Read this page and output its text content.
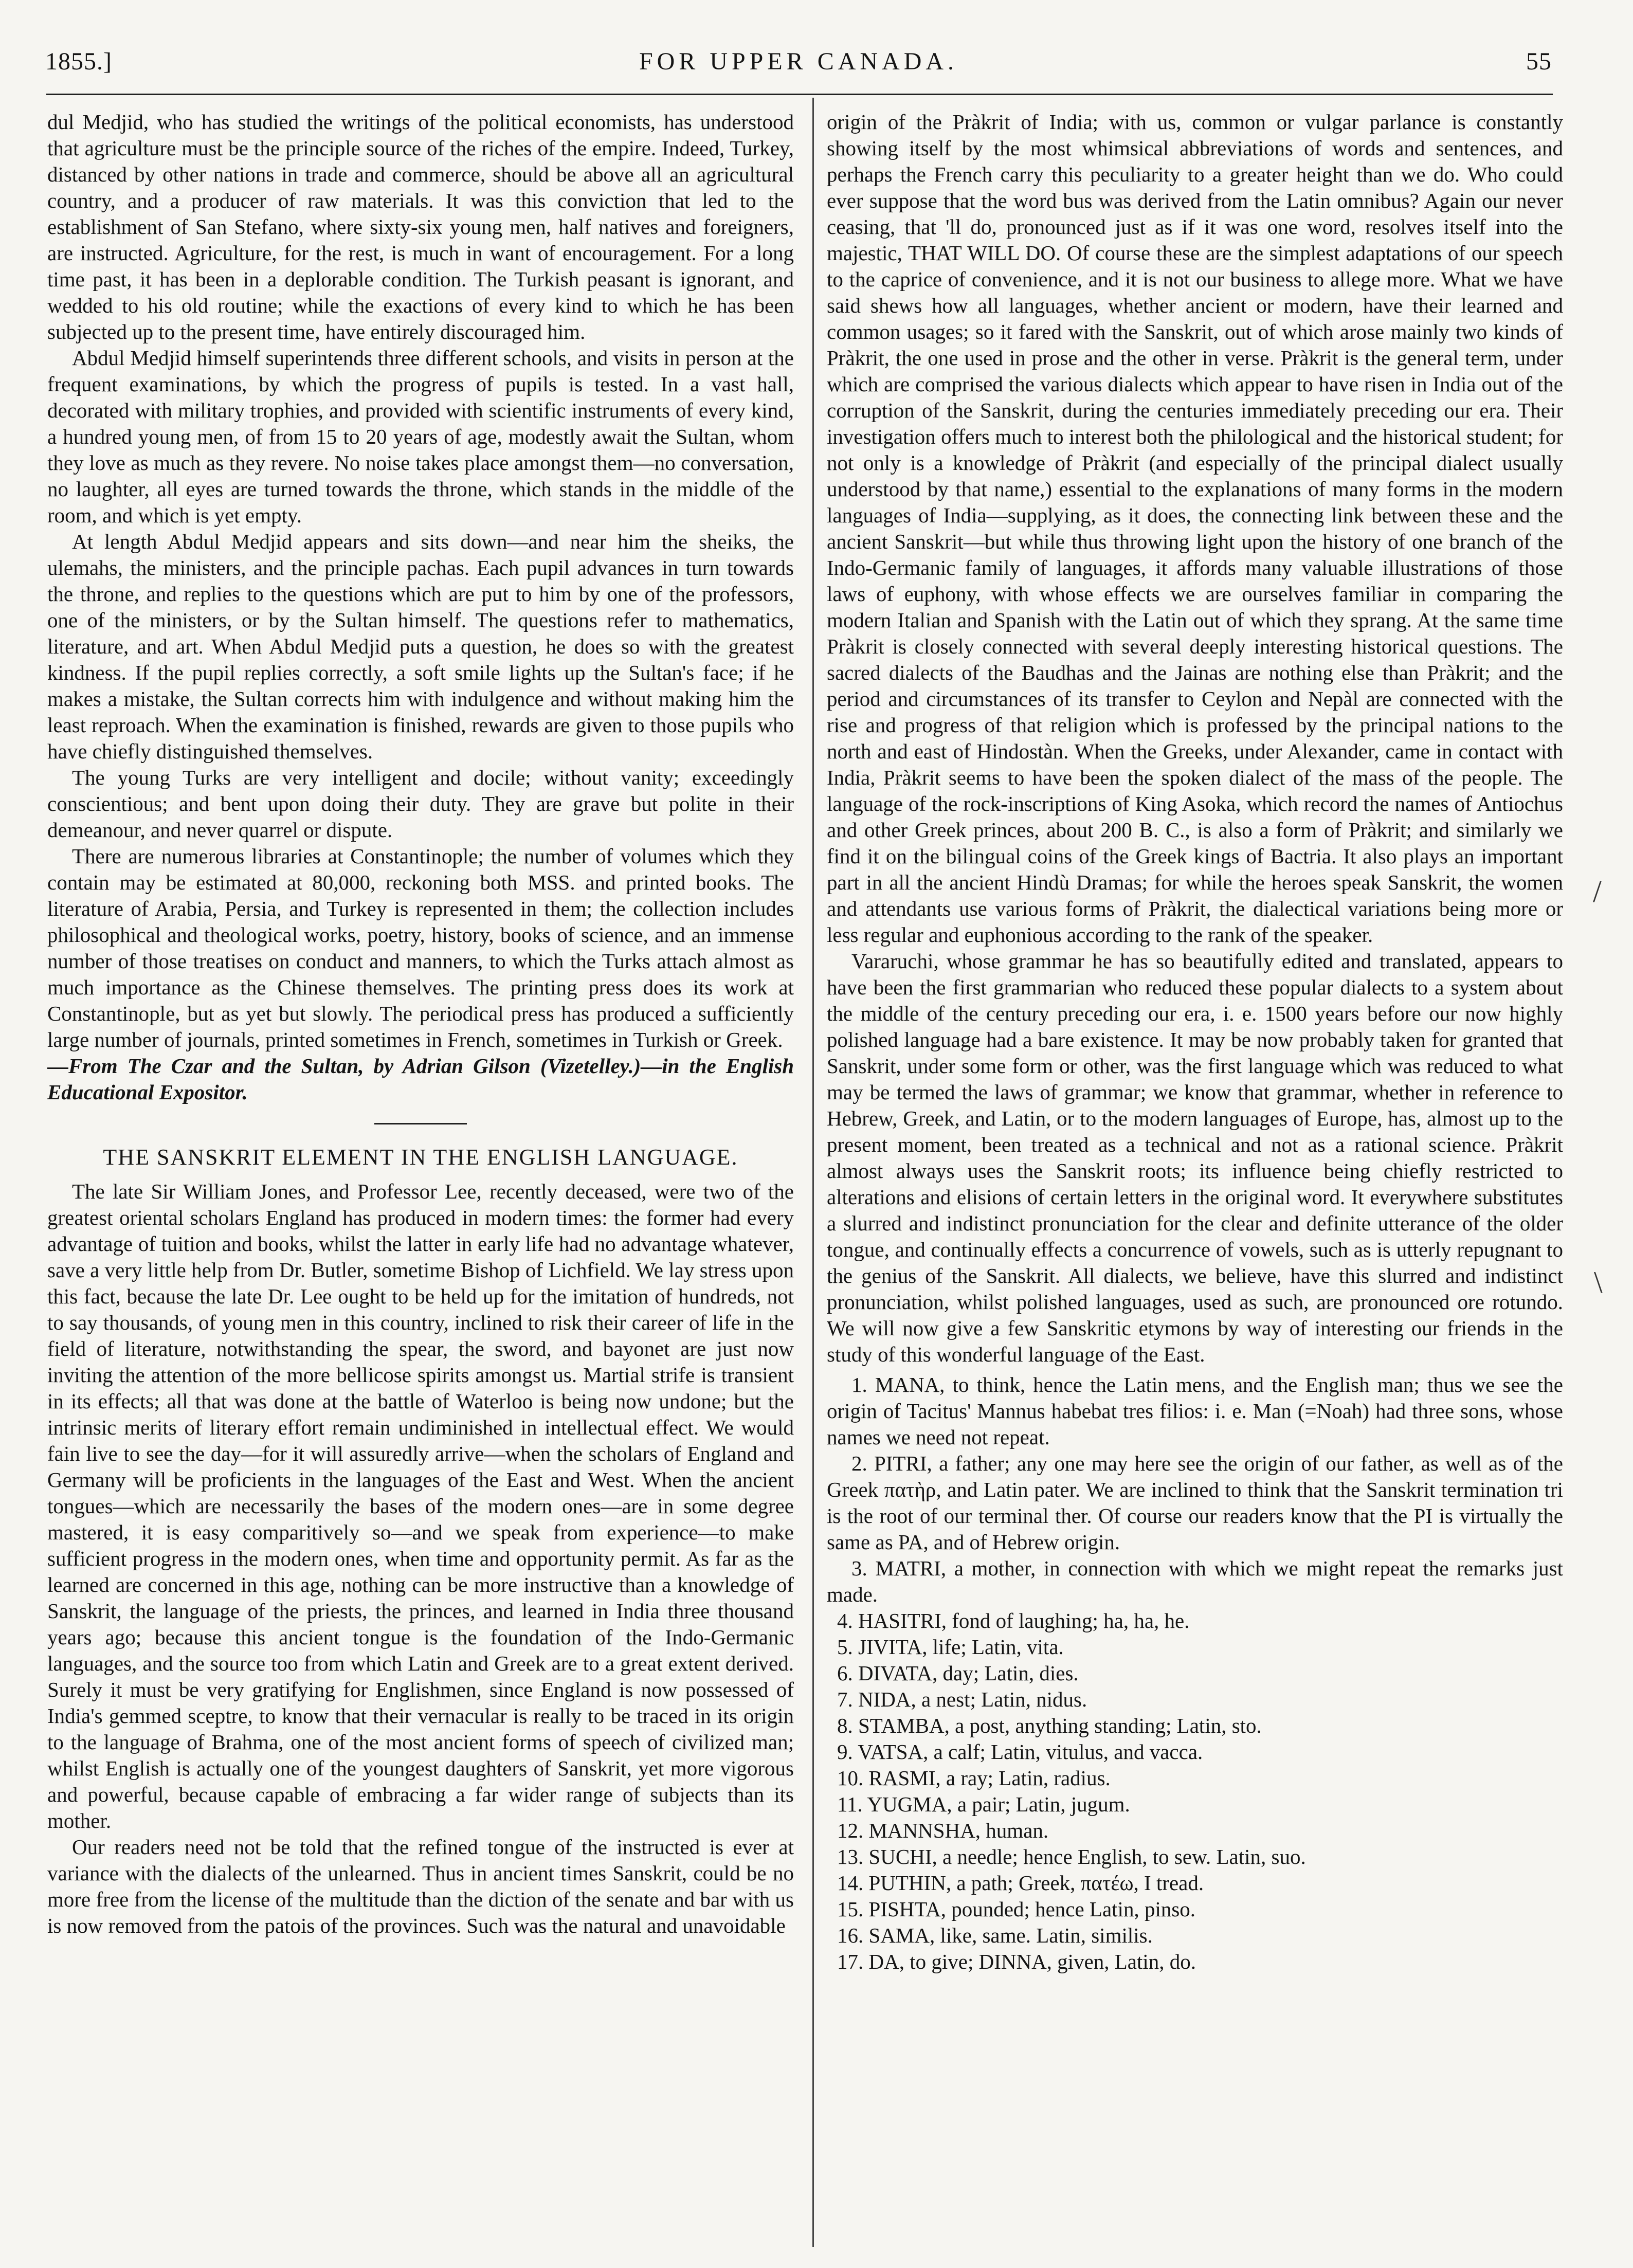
1855.]	FOR UPPER CANADA.	55

dul Medjid, who has studied the writings of the political economists, has understood that agriculture must be the principle source of the riches of the empire. Indeed, Turkey, distanced by other nations in trade and commerce, should be above all an agricultural country, and a producer of raw materials. It was this conviction that led to the establishment of San Stefano, where sixty-six young men, half natives and foreigners, are instructed. Agriculture, for the rest, is much in want of encouragement. For a long time past, it has been in a deplorable condition. The Turkish peasant is ignorant, and wedded to his old routine; while the exactions of every kind to which he has been subjected up to the present time, have entirely discouraged him.

Abdul Medjid himself superintends three different schools, and visits in person at the frequent examinations, by which the progress of pupils is tested. In a vast hall, decorated with military trophies, and provided with scientific instruments of every kind, a hundred young men, of from 15 to 20 years of age, modestly await the Sultan, whom they love as much as they revere. No noise takes place amongst them—no conversation, no laughter, all eyes are turned towards the throne, which stands in the middle of the room, and which is yet empty.

At length Abdul Medjid appears and sits down—and near him the sheiks, the ulemahs, the ministers, and the principle pachas. Each pupil advances in turn towards the throne, and replies to the questions which are put to him by one of the professors, one of the ministers, or by the Sultan himself. The questions refer to mathematics, literature, and art. When Abdul Medjid puts a question, he does so with the greatest kindness. If the pupil replies correctly, a soft smile lights up the Sultan's face; if he makes a mistake, the Sultan corrects him with indulgence and without making him the least reproach. When the examination is finished, rewards are given to those pupils who have chiefly distinguished themselves.

The young Turks are very intelligent and docile; without vanity; exceedingly conscientious; and bent upon doing their duty. They are grave but polite in their demeanour, and never quarrel or dispute.

There are numerous libraries at Constantinople; the number of volumes which they contain may be estimated at 80,000, reckoning both MSS. and printed books. The literature of Arabia, Persia, and Turkey is represented in them; the collection includes philosophical and theological works, poetry, history, books of science, and an immense number of those treatises on conduct and manners, to which the Turks attach almost as much importance as the Chinese themselves. The printing press does its work at Constantinople, but as yet but slowly. The periodical press has produced a sufficiently large number of journals, printed sometimes in French, sometimes in Turkish or Greek.

—From The Czar and the Sultan, by Adrian Gilson (Vizetelley.)—in the English Educational Expositor.

THE SANSKRIT ELEMENT IN THE ENGLISH LANGUAGE.

The late Sir William Jones, and Professor Lee, recently deceased, were two of the greatest oriental scholars England has produced in modern times: the former had every advantage of tuition and books, whilst the latter in early life had no advantage whatever, save a very little help from Dr. Butler, sometime Bishop of Lichfield. We lay stress upon this fact, because the late Dr. Lee ought to be held up for the imitation of hundreds, not to say thousands, of young men in this country, inclined to risk their career of life in the field of literature, notwithstanding the spear, the sword, and bayonet are just now inviting the attention of the more bellicose spirits amongst us. Martial strife is transient in its effects; all that was done at the battle of Waterloo is being now undone; but the intrinsic merits of literary effort remain undiminished in intellectual effect. We would fain live to see the day—for it will assuredly arrive—when the scholars of England and Germany will be proficients in the languages of the East and West. When the ancient tongues—which are necessarily the bases of the modern ones—are in some degree mastered, it is easy comparitively so—and we speak from experience—to make sufficient progress in the modern ones, when time and opportunity permit. As far as the learned are concerned in this age, nothing can be more instructive than a knowledge of Sanskrit, the language of the priests, the princes, and learned in India three thousand years ago; because this ancient tongue is the foundation of the Indo-Germanic languages, and the source too from which Latin and Greek are to a great extent derived. Surely it must be very gratifying for Englishmen, since England is now possessed of India's gemmed sceptre, to know that their vernacular is really to be traced in its origin to the language of Brahma, one of the most ancient forms of speech of civilized man; whilst English is actually one of the youngest daughters of Sanskrit, yet more vigorous and powerful, because capable of embracing a far wider range of subjects than its mother.

Our readers need not be told that the refined tongue of the instructed is ever at variance with the dialects of the unlearned. Thus in ancient times Sanskrit, could be no more free from the license of the multitude than the diction of the senate and bar with us is now removed from the patois of the provinces. Such was the natural and unavoidable

origin of the Pràkrit of India; with us, common or vulgar parlance is constantly showing itself by the most whimsical abbreviations of words and sentences, and perhaps the French carry this peculiarity to a greater height than we do. Who could ever suppose that the word bus was derived from the Latin omnibus? Again our never ceasing, that 'll do, pronounced just as if it was one word, resolves itself into the majestic, THAT WILL DO. Of course these are the simplest adaptations of our speech to the caprice of convenience, and it is not our business to allege more. What we have said shews how all languages, whether ancient or modern, have their learned and common usages; so it fared with the Sanskrit, out of which arose mainly two kinds of Pràkrit, the one used in prose and the other in verse. Pràkrit is the general term, under which are comprised the various dialects which appear to have risen in India out of the corruption of the Sanskrit, during the centuries immediately preceding our era. Their investigation offers much to interest both the philological and the historical student; for not only is a knowledge of Pràkrit (and especially of the principal dialect usually understood by that name,) essential to the explanations of many forms in the modern languages of India—supplying, as it does, the connecting link between these and the ancient Sanskrit—but while thus throwing light upon the history of one branch of the Indo-Germanic family of languages, it affords many valuable illustrations of those laws of euphony, with whose effects we are ourselves familiar in comparing the modern Italian and Spanish with the Latin out of which they sprang. At the same time Pràkrit is closely connected with several deeply interesting historical questions. The sacred dialects of the Baudhas and the Jainas are nothing else than Pràkrit; and the period and circumstances of its transfer to Ceylon and Nepàl are connected with the rise and progress of that religion which is professed by the principal nations to the north and east of Hindostàn. When the Greeks, under Alexander, came in contact with India, Pràkrit seems to have been the spoken dialect of the mass of the people. The language of the rock-inscriptions of King Asoka, which record the names of Antiochus and other Greek princes, about 200 B. C., is also a form of Pràkrit; and similarly we find it on the bilingual coins of the Greek kings of Bactria. It also plays an important part in all the ancient Hindù Dramas; for while the heroes speak Sanskrit, the women and attendants use various forms of Pràkrit, the dialectical variations being more or less regular and euphonious according to the rank of the speaker.

Vararuchi, whose grammar he has so beautifully edited and translated, appears to have been the first grammarian who reduced these popular dialects to a system about the middle of the century preceding our era, i. e. 1500 years before our now highly polished language had a bare existence. It may be now probably taken for granted that Sanskrit, under some form or other, was the first language which was reduced to what may be termed the laws of grammar; we know that grammar, whether in reference to Hebrew, Greek, and Latin, or to the modern languages of Europe, has, almost up to the present moment, been treated as a technical and not as a rational science. Pràkrit almost always uses the Sanskrit roots; its influence being chiefly restricted to alterations and elisions of certain letters in the original word. It everywhere substitutes a slurred and indistinct pronunciation for the clear and definite utterance of the older tongue, and continually effects a concurrence of vowels, such as is utterly repugnant to the genius of the Sanskrit. All dialects, we believe, have this slurred and indistinct pronunciation, whilst polished languages, used as such, are pronounced ore rotundo. We will now give a few Sanskritic etymons by way of interesting our friends in the study of this wonderful language of the East.

1. MANA, to think, hence the Latin mens, and the English man; thus we see the origin of Tacitus' Mannus habebat tres filios: i. e. Man (=Noah) had three sons, whose names we need not repeat.
2. PITRI, a father; any one may here see the origin of our father, as well as of the Greek πατὴρ, and Latin pater. We are inclined to think that the Sanskrit termination tri is the root of our terminal ther. Of course our readers know that the PI is virtually the same as PA, and of Hebrew origin.
3. MATRI, a mother, in connection with which we might repeat the remarks just made.
4. HASITRI, fond of laughing; ha, ha, he.
5. JIVITA, life; Latin, vita.
6. DIVATA, day; Latin, dies.
7. NIDA, a nest; Latin, nidus.
8. STAMBA, a post, anything standing; Latin, sto.
9. VATSA, a calf; Latin, vitulus, and vacca.
10. RASMI, a ray; Latin, radius.
11. YUGMA, a pair; Latin, jugum.
12. MANNSHA, human.
13. SUCHI, a needle; hence English, to sew. Latin, suo.
14. PUTHIN, a path; Greek, πατέω, I tread.
15. PISHTA, pounded; hence Latin, pinso.
16. SAMA, like, same. Latin, similis.
17. DA, to give; DINNA, given, Latin, do.
/
\
